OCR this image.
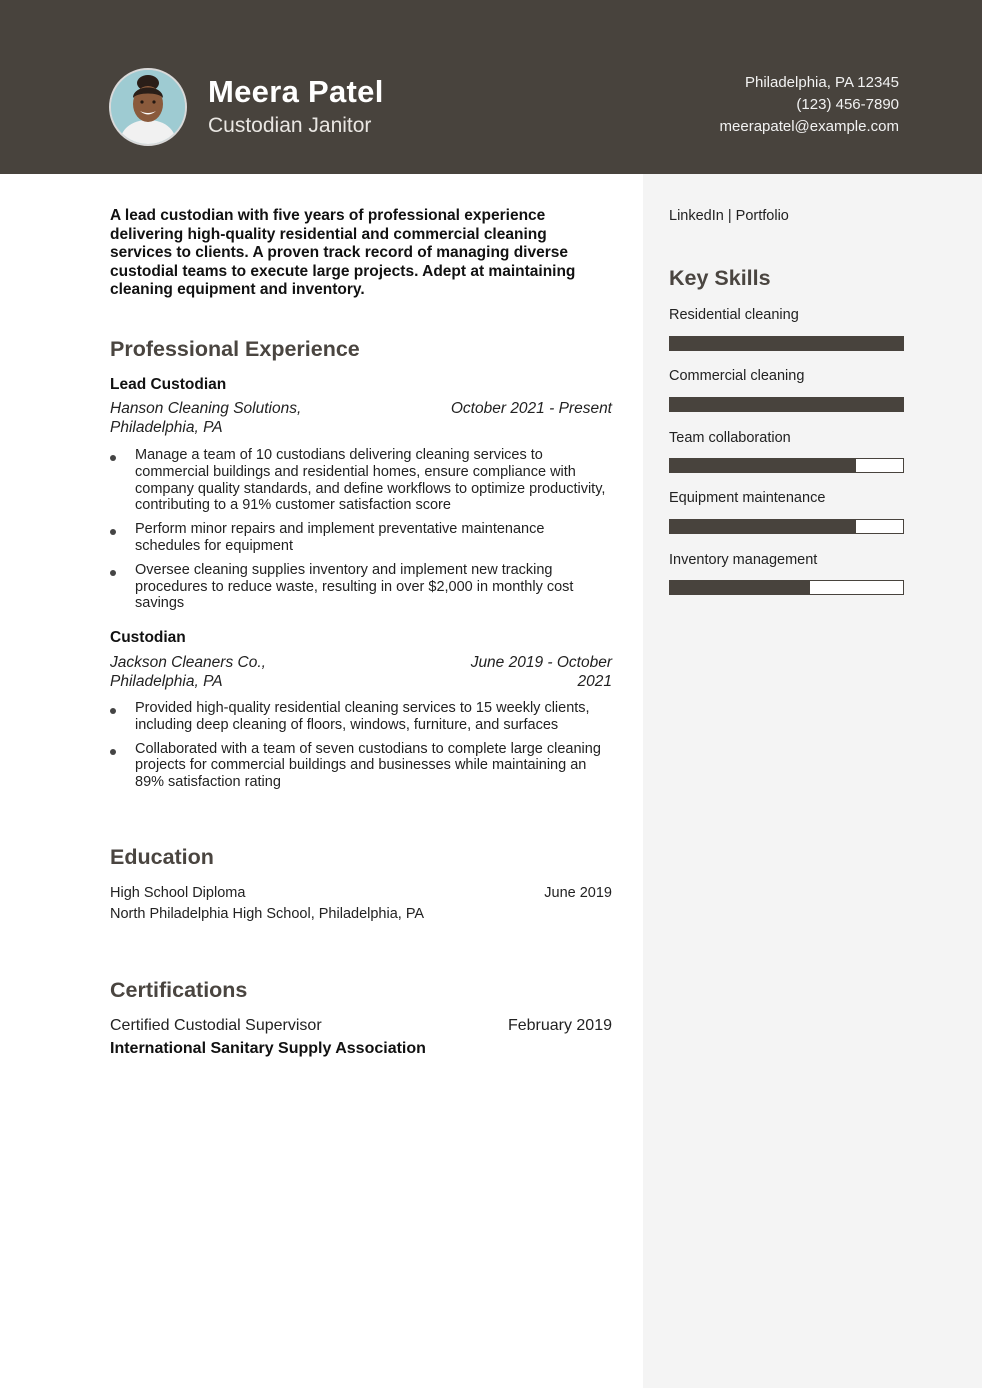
Meera Patel

Custodian Janitor

Philadelphia, PA 12345
(123) 456-7890
meerapatel@example.com

A lead custodian with five years of professional experience delivering high-quality residential and commercial cleaning services to clients. A proven track record of managing diverse custodial teams to execute large projects. Adept at maintaining cleaning equipment and inventory.

Professional Experience

Lead Custodian

Hanson Cleaning Solutions, Philadelphia, PA
October 2021 - Present
Manage a team of 10 custodians delivering cleaning services to commercial buildings and residential homes, ensure compliance with company quality standards, and define workflows to optimize productivity, contributing to a 91% customer satisfaction score
Perform minor repairs and implement preventative maintenance schedules for equipment
Oversee cleaning supplies inventory and implement new tracking procedures to reduce waste, resulting in over $2,000 in monthly cost savings

Custodian

Jackson Cleaners Co., Philadelphia, PA
June 2019 - October 2021
Provided high-quality residential cleaning services to 15 weekly clients, including deep cleaning of floors, windows, furniture, and surfaces
Collaborated with a team of seven custodians to complete large cleaning projects for commercial buildings and businesses while maintaining an 89% satisfaction rating
Education

High School Diploma	June 2019

North Philadelphia High School, Philadelphia, PA

Certifications

Certified Custodial Supervisor	February 2019

International Sanitary Supply Association

LinkedIn | Portfolio
Key Skills

Residential cleaning

Commercial cleaning

Team collaboration

Equipment maintenance

Inventory management
